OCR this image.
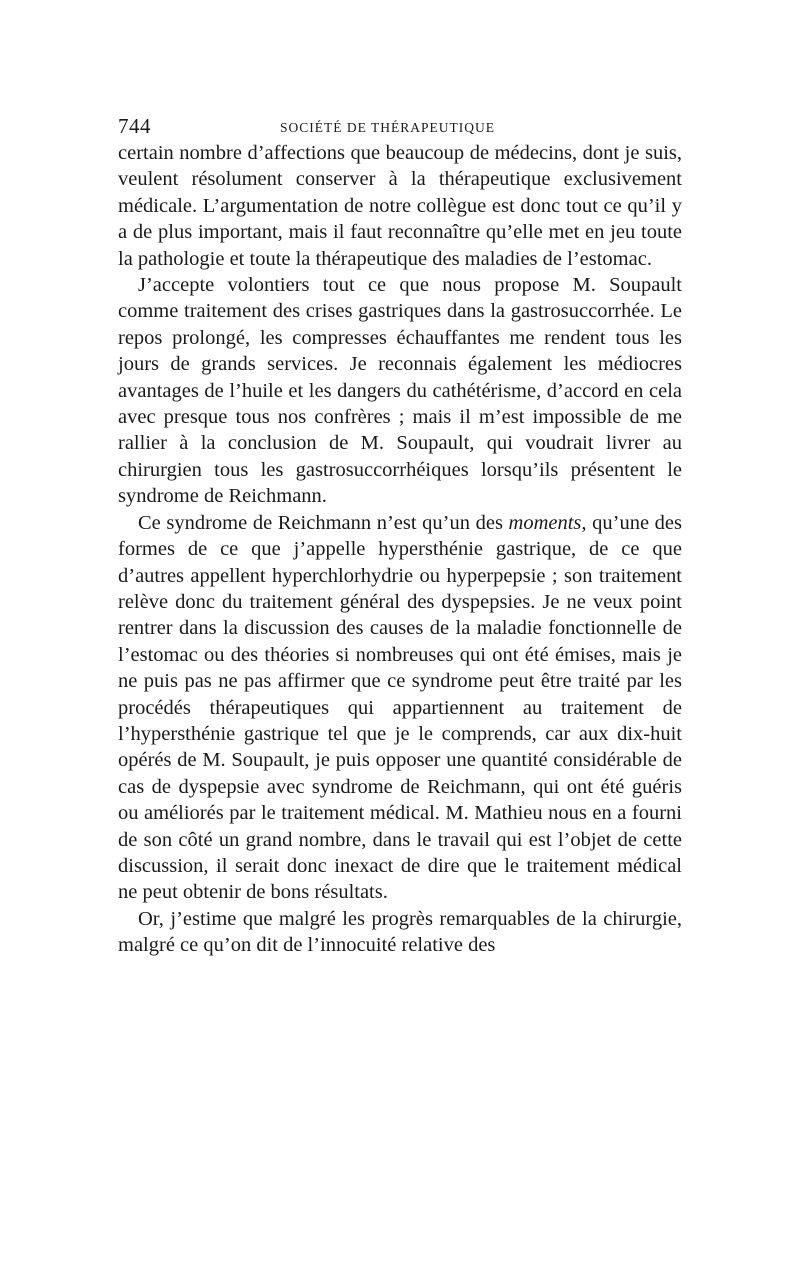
744	SOCIÉTÉ DE THÉRAPEUTIQUE

certain nombre d’affections que beaucoup de médecins, dont je suis, veulent résolument conserver à la thérapeutique exclusivement médicale. L’argumentation de notre collègue est donc tout ce qu’il y a de plus important, mais il faut reconnaître qu’elle met en jeu toute la pathologie et toute la thérapeutique des maladies de l’estomac.

J’accepte volontiers tout ce que nous propose M. Soupault comme traitement des crises gastriques dans la gastrosuccorrhée. Le repos prolongé, les compresses échauffantes me rendent tous les jours de grands services. Je reconnais également les médiocres avantages de l’huile et les dangers du cathétérisme, d’accord en cela avec presque tous nos confrères ; mais il m’est impossible de me rallier à la conclusion de M. Soupault, qui voudrait livrer au chirurgien tous les gastrosuccorrhéiques lorsqu’ils présentent le syndrome de Reichmann.

Ce syndrome de Reichmann n’est qu’un des moments, qu’une des formes de ce que j’appelle hypersthénie gastrique, de ce que d’autres appellent hyperchlorhydrie ou hyperpepsie ; son traitement relève donc du traitement général des dyspepsies. Je ne veux point rentrer dans la discussion des causes de la maladie fonctionnelle de l’estomac ou des théories si nombreuses qui ont été émises, mais je ne puis pas ne pas affirmer que ce syndrome peut être traité par les procédés thérapeutiques qui appartiennent au traitement de l’hypersthénie gastrique tel que je le comprends, car aux dix-huit opérés de M. Soupault, je puis opposer une quantité considérable de cas de dyspepsie avec syndrome de Reichmann, qui ont été guéris ou améliorés par le traitement médical. M. Mathieu nous en a fourni de son côté un grand nombre, dans le travail qui est l’objet de cette discussion, il serait donc inexact de dire que le traitement médical ne peut obtenir de bons résultats.

Or, j’estime que malgré les progrès remarquables de la chirurgie, malgré ce qu’on dit de l’innocuité relative des
